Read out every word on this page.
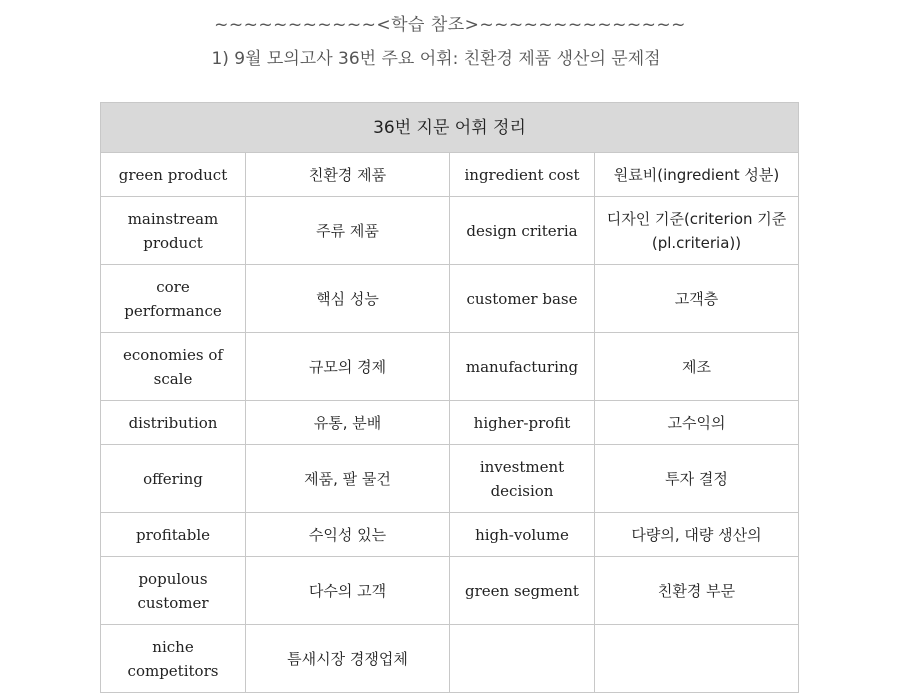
~~~~~~~~~~~<학습 참조>~~~~~~~~~~~~~~
1) 9월 모의고사 36번 주요 어휘: 친환경 제품 생산의 문제점
36번 지문 어휘 정리			
green product	친환경 제품	ingredient cost	원료비(ingredient 성분)
mainstream product	주류 제품	design criteria	디자인 기준(criterion 기준 (pl.criteria))
core performance	핵심 성능	customer base	고객층
economies of scale	규모의 경제	manufacturing	제조
distribution	유통, 분배	higher-profit	고수익의
offering	제품, 팔 물건	investment decision	투자 결정
profitable	수익성 있는	high-volume	다량의, 대량 생산의
populous customer	다수의 고객	green segment	친환경 부문
niche competitors	틈새시장 경쟁업체		
